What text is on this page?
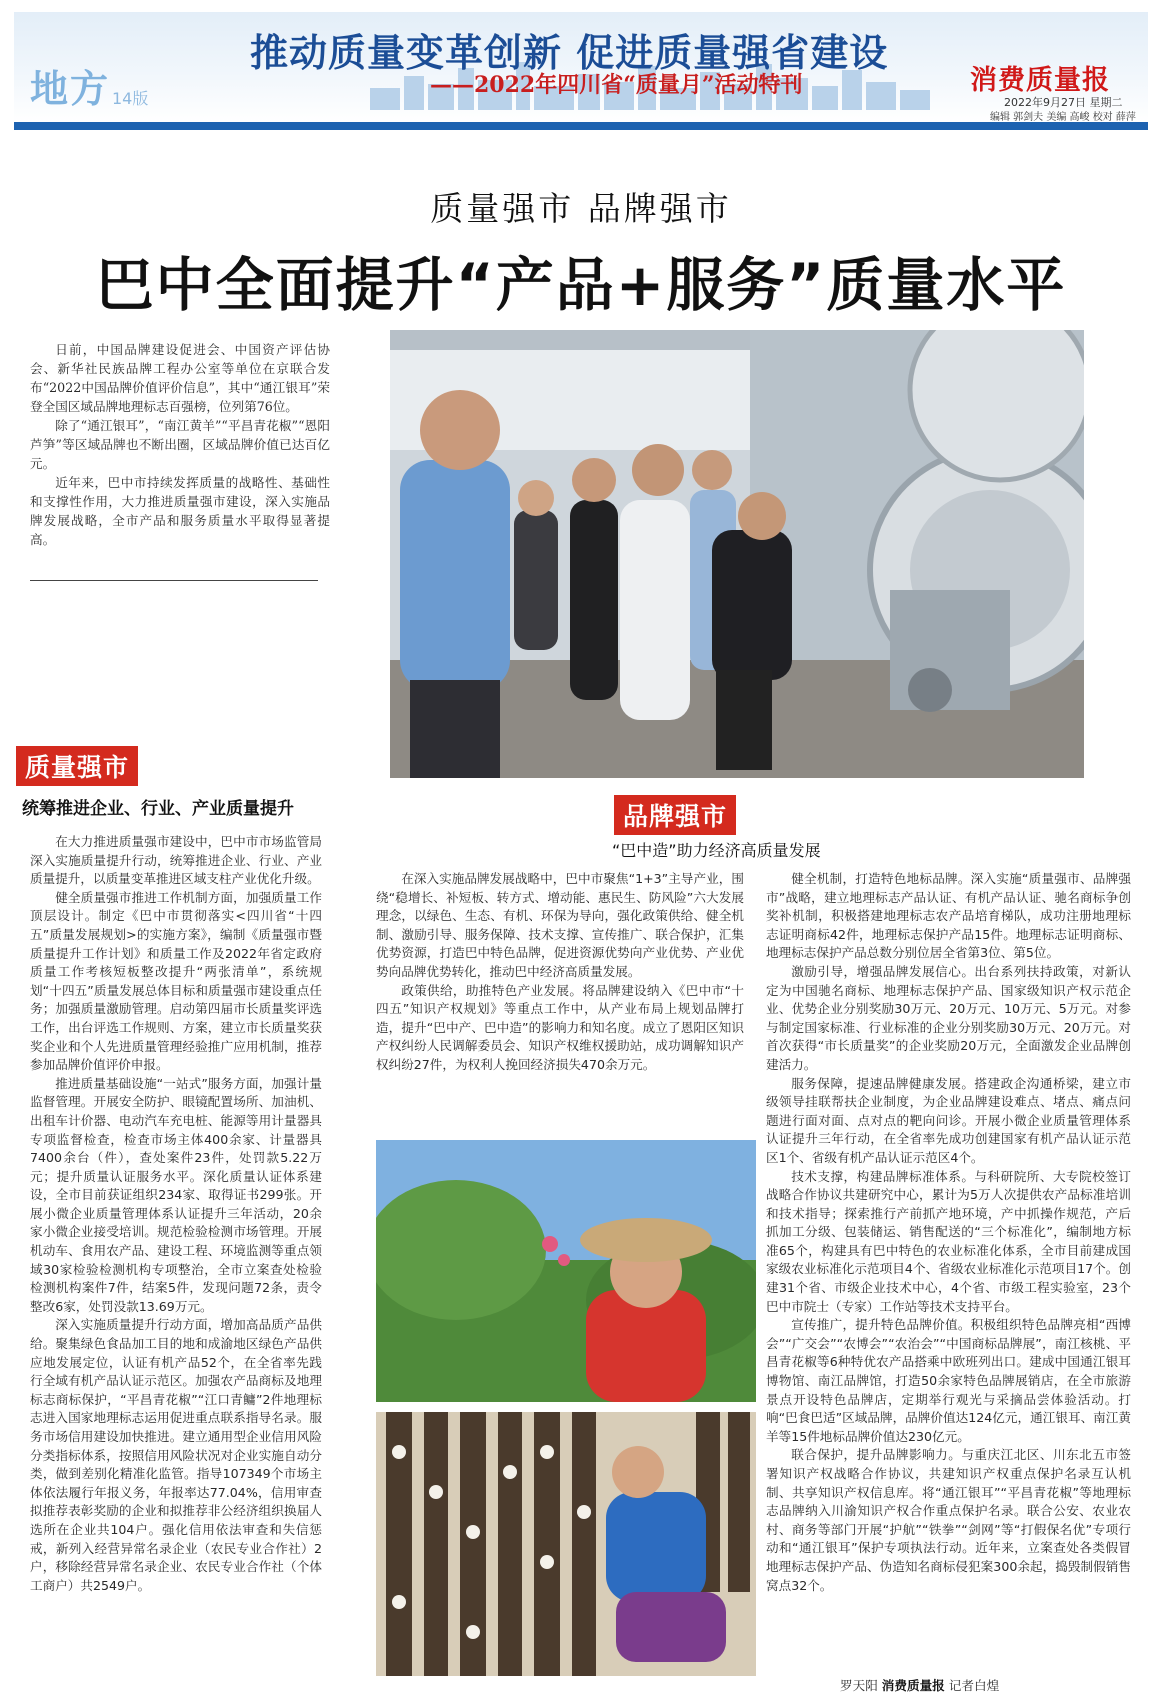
地方 14版
推动质量变革创新 促进质量强省建设
——2022年四川省“质量月”活动特刊	消费质量报
2022年9月27日 星期二
编辑 郭剑夫 美编 高峻 校对 薛萍
质量强市 品牌强市
巴中全面提升“产品+服务”质量水平

日前，中国品牌建设促进会、中国资产评估协会、新华社民族品牌工程办公室等单位在京联合发布“2022中国品牌价值评价信息”，其中“通江银耳”荣登全国区域品牌地理标志百强榜，位列第76位。

除了“通江银耳”，“南江黄羊”“平昌青花椒”“恩阳芦笋”等区域品牌也不断出圈，区域品牌价值已达百亿元。

近年来，巴中市持续发挥质量的战略性、基础性和支撑性作用，大力推进质量强市建设，深入实施品牌发展战略，全市产品和服务质量水平取得显著提高。

质量强市
统筹推进企业、行业、产业质量提升

在大力推进质量强市建设中，巴中市市场监管局深入实施质量提升行动，统筹推进企业、行业、产业质量提升，以质量变革推进区域支柱产业优化升级。

健全质量强市推进工作机制方面，加强质量工作顶层设计。制定《巴中市贯彻落实<四川省“十四五”质量发展规划>的实施方案》，编制《质量强市暨质量提升工作计划》和质量工作及2022年省定政府质量工作考核短板整改提升“两张清单”，系统规划“十四五”质量发展总体目标和质量强市建设重点任务；加强质量激励管理。启动第四届市长质量奖评选工作，出台评选工作规则、方案，建立市长质量奖获奖企业和个人先进质量管理经验推广应用机制，推荐参加品牌价值评价申报。

推进质量基础设施“一站式”服务方面，加强计量监督管理。开展安全防护、眼镜配置场所、加油机、出租车计价器、电动汽车充电桩、能源等用计量器具专项监督检查，检查市场主体400余家、计量器具7400余台（件），查处案件23件，处罚款5.22万元；提升质量认证服务水平。深化质量认证体系建设，全市目前获证组织234家、取得证书299张。开展小微企业质量管理体系认证提升三年活动，20余家小微企业接受培训。规范检验检测市场管理。开展机动车、食用农产品、建设工程、环境监测等重点领域30家检验检测机构专项整治，全市立案查处检验检测机构案件7件，结案5件，发现问题72条，责令整改6家，处罚没款13.69万元。

深入实施质量提升行动方面，增加高品质产品供给。聚集绿色食品加工目的地和成渝地区绿色产品供应地发展定位，认证有机产品52个，在全省率先践行全域有机产品认证示范区。加强农产品商标及地理标志商标保护，“平昌青花椒”“江口青鳙”2件地理标志进入国家地理标志运用促进重点联系指导名录。服务市场信用建设加快推进。建立通用型企业信用风险分类指标体系，按照信用风险状况对企业实施自动分类，做到差别化精准化监管。指导107349个市场主体依法履行年报义务，年报率达77.04%，信用审查拟推荐表彰奖励的企业和拟推荐非公经济组织换届人选所在企业共104户。强化信用依法审查和失信惩戒，新列入经营异常名录企业（农民专业合作社）2户，移除经营异常名录企业、农民专业合作社（个体工商户）共2549户。

品牌强市
“巴中造”助力经济高质量发展

在深入实施品牌发展战略中，巴中市聚焦“1+3”主导产业，围绕“稳增长、补短板、转方式、增动能、惠民生、防风险”六大发展理念，以绿色、生态、有机、环保为导向，强化政策供给、健全机制、激励引导、服务保障、技术支撑、宣传推广、联合保护，汇集优势资源，打造巴中特色品牌，促进资源优势向产业优势、产业优势向品牌优势转化，推动巴中经济高质量发展。

政策供给，助推特色产业发展。将品牌建设纳入《巴中市“十四五”知识产权规划》等重点工作中，从产业布局上规划品牌打造，提升“巴中产、巴中造”的影响力和知名度。成立了恩阳区知识产权纠纷人民调解委员会、知识产权维权援助站，成功调解知识产权纠纷27件，为权利人挽回经济损失470余万元。

健全机制，打造特色地标品牌。深入实施“质量强市、品牌强市”战略，建立地理标志产品认证、有机产品认证、驰名商标争创奖补机制，积极搭建地理标志农产品培育梯队，成功注册地理标志证明商标42件，地理标志保护产品15件。地理标志证明商标、地理标志保护产品总数分别位居全省第3位、第5位。

激励引导，增强品牌发展信心。出台系列扶持政策，对新认定为中国驰名商标、地理标志保护产品、国家级知识产权示范企业、优势企业分别奖励30万元、20万元、10万元、5万元。对参与制定国家标准、行业标准的企业分别奖励30万元、20万元。对首次获得“市长质量奖”的企业奖励20万元，全面激发企业品牌创建活力。

服务保障，提速品牌健康发展。搭建政企沟通桥梁，建立市级领导挂联帮扶企业制度，为企业品牌建设难点、堵点、痛点问题进行面对面、点对点的靶向问诊。开展小微企业质量管理体系认证提升三年行动，在全省率先成功创建国家有机产品认证示范区1个、省级有机产品认证示范区4个。

技术支撑，构建品牌标准体系。与科研院所、大专院校签订战略合作协议共建研究中心，累计为5万人次提供农产品标准培训和技术指导；探索推行产前抓产地环境，产中抓操作规范，产后抓加工分级、包装储运、销售配送的“三个标准化”，编制地方标准65个，构建具有巴中特色的农业标准化体系，全市目前建成国家级农业标准化示范项目4个、省级农业标准化示范项目17个。创建31个省、市级企业技术中心，4个省、市级工程实验室，23个巴中市院士（专家）工作站等技术支持平台。

宣传推广，提升特色品牌价值。积极组织特色品牌亮相“西博会”“广交会”“农博会”“农治会”“中国商标品牌展”，南江核桃、平昌青花椒等6种特优农产品搭乘中欧班列出口。建成中国通江银耳博物馆、南江品牌馆，打造50余家特色品牌展销店，在全市旅游景点开设特色品牌店，定期举行观光与采摘品尝体验活动。打响“巴食巴适”区域品牌，品牌价值达124亿元，通江银耳、南江黄羊等15件地标品牌价值达230亿元。

联合保护，提升品牌影响力。与重庆江北区、川东北五市签署知识产权战略合作协议，共建知识产权重点保护名录互认机制、共享知识产权信息库。将“通江银耳”“平昌青花椒”等地理标志品牌纳入川渝知识产权合作重点保护名录。联合公安、农业农村、商务等部门开展“护航”“铁拳”“剑网”等“打假保名优”专项行动和“通江银耳”保护专项执法行动。近年来，立案查处各类假冒地理标志保护产品、伪造知名商标侵犯案300余起，捣毁制假销售窝点32个。

罗天阳 消费质量报 记者白煌
